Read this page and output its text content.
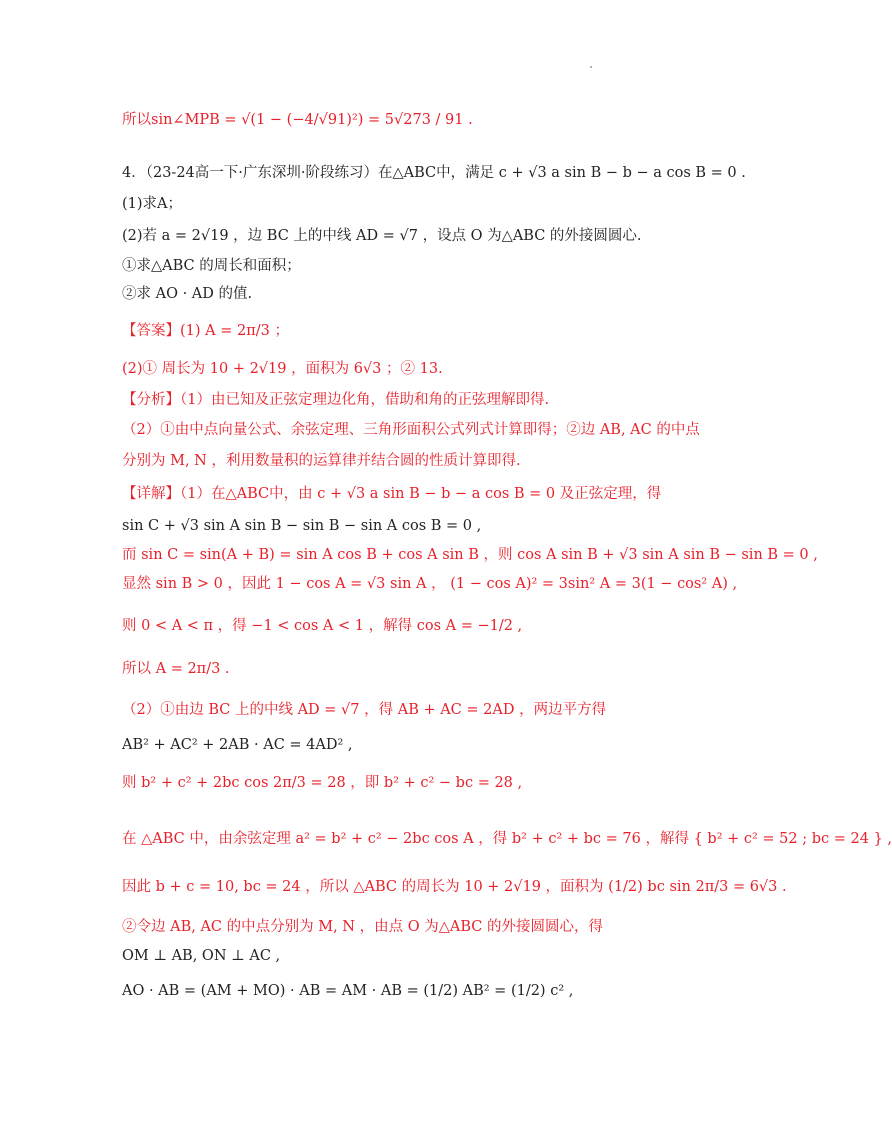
所以sin∠MPB = √(1 − (−4/√91)²) = 5√273 / 91 .
4．（23-24高一下·广东深圳·阶段练习）在△ABC中，满足 c + √3 a sin B − b − a cos B = 0 .
(1)求A；
(2)若 a = 2√19 ，边 BC 上的中线 AD = √7 ，设点 O 为△ABC 的外接圆圆心.
①求△ABC 的周长和面积；
②求 AO · AD 的值.
【答案】(1) A = 2π/3 ；
(2)① 周长为 10 + 2√19 ，面积为 6√3 ；② 13.
【分析】（1）由已知及正弦定理边化角，借助和角的正弦理解即得.
（2）①由中点向量公式、余弦定理、三角形面积公式列式计算即得；②边 AB, AC 的中点
分别为 M, N ，利用数量积的运算律并结合圆的性质计算即得.
【详解】（1）在△ABC中，由 c + √3 a sin B − b − a cos B = 0 及正弦定理，得
sin C + √3 sin A sin B − sin B − sin A cos B = 0 ,
而 sin C = sin(A + B) = sin A cos B + cos A sin B ，则 cos A sin B + √3 sin A sin B − sin B = 0 ,
显然 sin B > 0 ，因此 1 − cos A = √3 sin A ， (1 − cos A)² = 3sin² A = 3(1 − cos² A) ,
则 0 < A < π ，得 −1 < cos A < 1 ，解得 cos A = −1/2 ,
所以 A = 2π/3 .
（2）①由边 BC 上的中线 AD = √7 ，得 AB + AC = 2AD ，两边平方得
AB² + AC² + 2AB · AC = 4AD² ,
则 b² + c² + 2bc cos 2π/3 = 28 ，即 b² + c² − bc = 28 ,
在 △ABC 中，由余弦定理 a² = b² + c² − 2bc cos A ，得 b² + c² + bc = 76 ，解得 { b² + c² = 52 ; bc = 24 } ,
因此 b + c = 10, bc = 24 ，所以 △ABC 的周长为 10 + 2√19 ，面积为 (1/2) bc sin 2π/3 = 6√3 .
②令边 AB, AC 的中点分别为 M, N ，由点 O 为△ABC 的外接圆圆心，得
OM ⊥ AB, ON ⊥ AC ,
AO · AB = (AM + MO) · AB = AM · AB = (1/2) AB² = (1/2) c² ,
